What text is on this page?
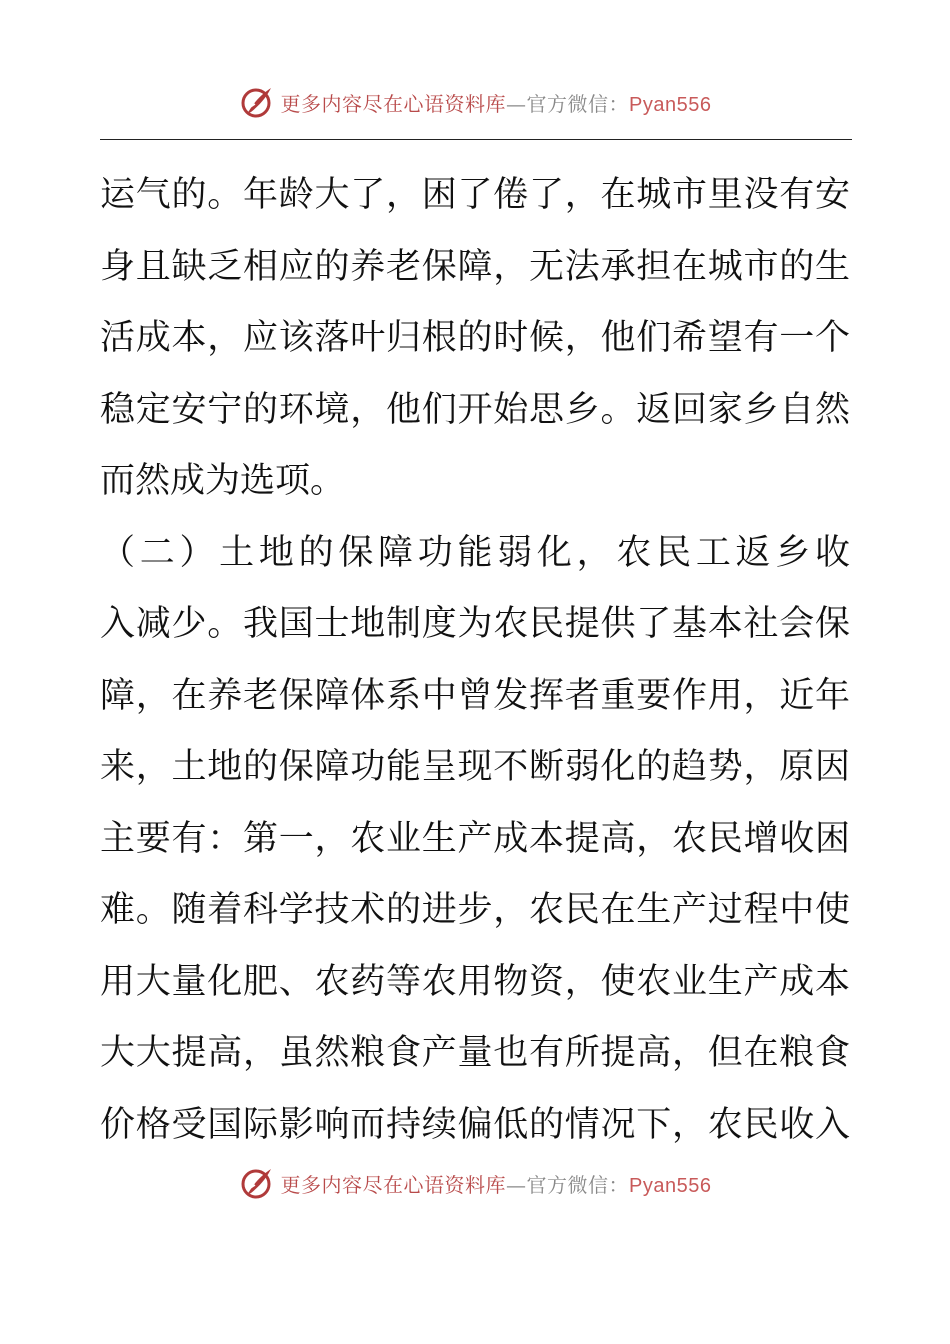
更多内容尽在心语资料库—官方微信：Pyan556
运气的。年龄大了，困了倦了，在城市里没有安
身且缺乏相应的养老保障，无法承担在城市的生
活成本，应该落叶归根的时候，他们希望有一个
稳定安宁的环境，他们开始思乡。返回家乡自然
而然成为选项。
（二）土地的保障功能弱化，农民工返乡收
入减少。我国士地制度为农民提供了基本社会保
障，在养老保障体系中曾发挥者重要作用，近年
来，土地的保障功能呈现不断弱化的趋势，原因
主要有：第一，农业生产成本提高，农民增收困
难。随着科学技术的进步，农民在生产过程中使
用大量化肥、农药等农用物资，使农业生产成本
大大提高，虽然粮食产量也有所提高，但在粮食
价格受国际影响而持续偏低的情况下，农民收入
更多内容尽在心语资料库—官方微信：Pyan556
